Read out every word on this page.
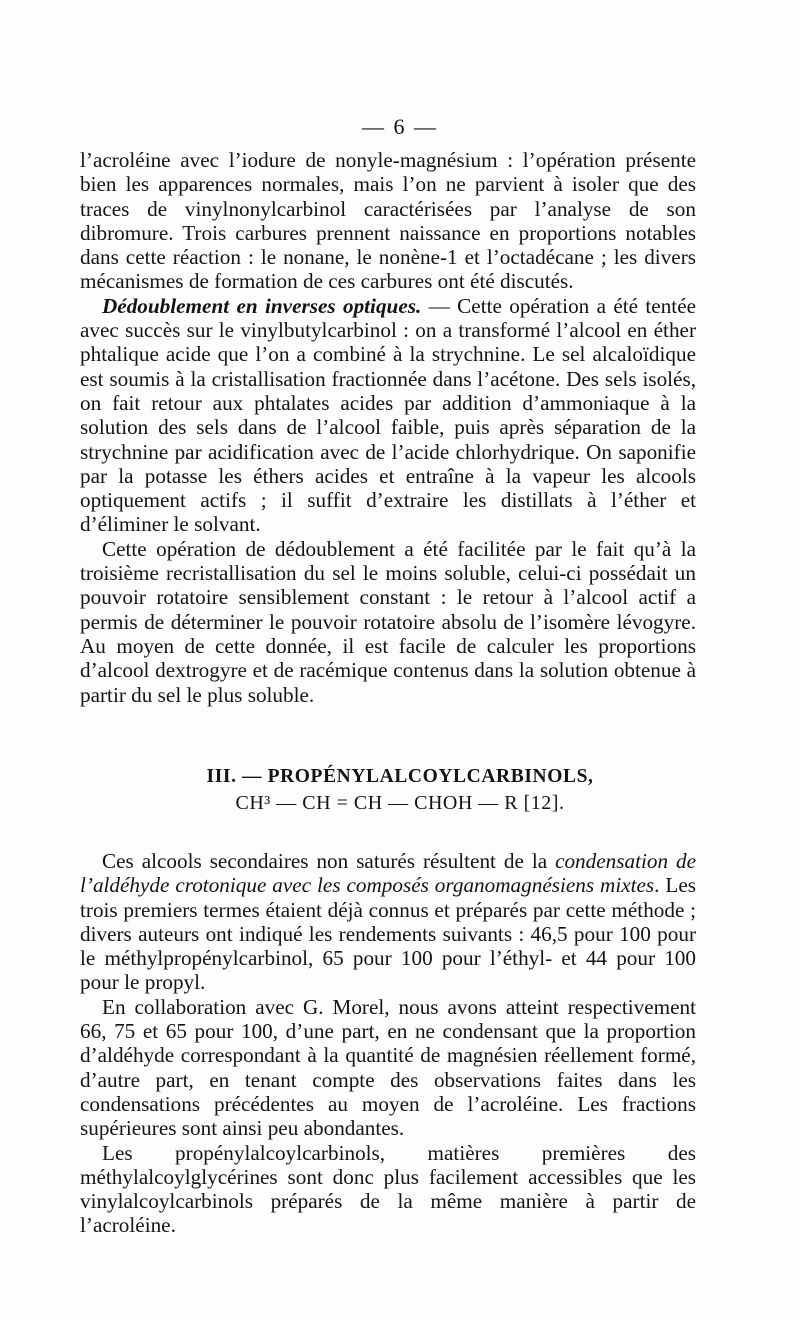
— 6 —

l’acroléine avec l’iodure de nonyle-magnésium : l’opération présente bien les apparences normales, mais l’on ne parvient à isoler que des traces de vinylnonylcarbinol caractérisées par l’analyse de son dibromure. Trois carbures prennent naissance en proportions notables dans cette réaction : le nonane, le nonène-1 et l’octadécane ; les divers mécanismes de formation de ces carbures ont été discutés.

Dédoublement en inverses optiques. — Cette opération a été tentée avec succès sur le vinylbutylcarbinol : on a transformé l’alcool en éther phtalique acide que l’on a combiné à la strychnine. Le sel alcaloïdique est soumis à la cristallisation fractionnée dans l’acétone. Des sels isolés, on fait retour aux phtalates acides par addition d’ammoniaque à la solution des sels dans de l’alcool faible, puis après séparation de la strychnine par acidification avec de l’acide chlorhydrique. On saponifie par la potasse les éthers acides et entraîne à la vapeur les alcools optiquement actifs ; il suffit d’extraire les distillats à l’éther et d’éliminer le solvant.

Cette opération de dédoublement a été facilitée par le fait qu’à la troisième recristallisation du sel le moins soluble, celui-ci possédait un pouvoir rotatoire sensiblement constant : le retour à l’alcool actif a permis de déterminer le pouvoir rotatoire absolu de l’isomère lévogyre. Au moyen de cette donnée, il est facile de calculer les proportions d’alcool dextrogyre et de racémique contenus dans la solution obtenue à partir du sel le plus soluble.

III. — PROPÉNYLALCOYLCARBINOLS,
CH³ — CH = CH — CHOH — R [12].

Ces alcools secondaires non saturés résultent de la condensation de l’aldéhyde crotonique avec les composés organomagnésiens mixtes. Les trois premiers termes étaient déjà connus et préparés par cette méthode ; divers auteurs ont indiqué les rendements suivants : 46,5 pour 100 pour le méthylpropénylcarbinol, 65 pour 100 pour l’éthyl- et 44 pour 100 pour le propyl.

En collaboration avec G. Morel, nous avons atteint respectivement 66, 75 et 65 pour 100, d’une part, en ne condensant que la proportion d’aldéhyde correspondant à la quantité de magnésien réellement formé, d’autre part, en tenant compte des observations faites dans les condensations précédentes au moyen de l’acroléine. Les fractions supérieures sont ainsi peu abondantes.

Les propénylalcoylcarbinols, matières premières des méthylalcoylglycérines sont donc plus facilement accessibles que les vinylalcoylcarbinols préparés de la même manière à partir de l’acroléine.
